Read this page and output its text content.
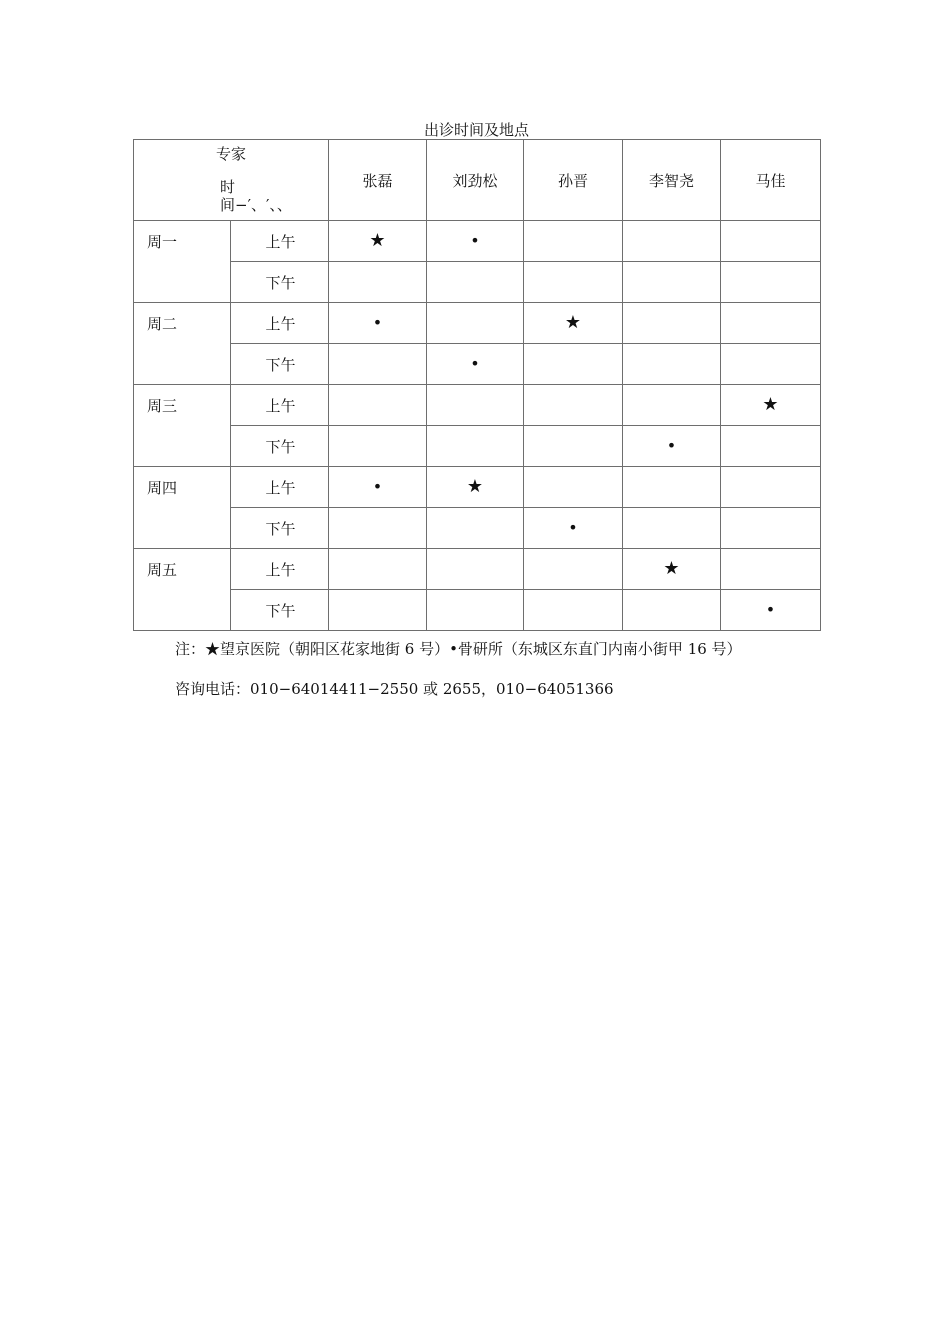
出诊时间及地点
专家
时
间−′、′、、		张磊	刘劲松	孙晋	李智尧	马佳
周一	上午	★	•			
	下午					
周二	上午	•		★		
	下午		•			
周三	上午					★
	下午				•	
周四	上午	•	★			
	下午			•		
周五	上午				★	
	下午					•
注：★望京医院（朝阳区花家地街 6 号）•骨研所（东城区东直门内南小街甲 16 号）
咨询电话：010−64014411−2550 或 2655，010−64051366
